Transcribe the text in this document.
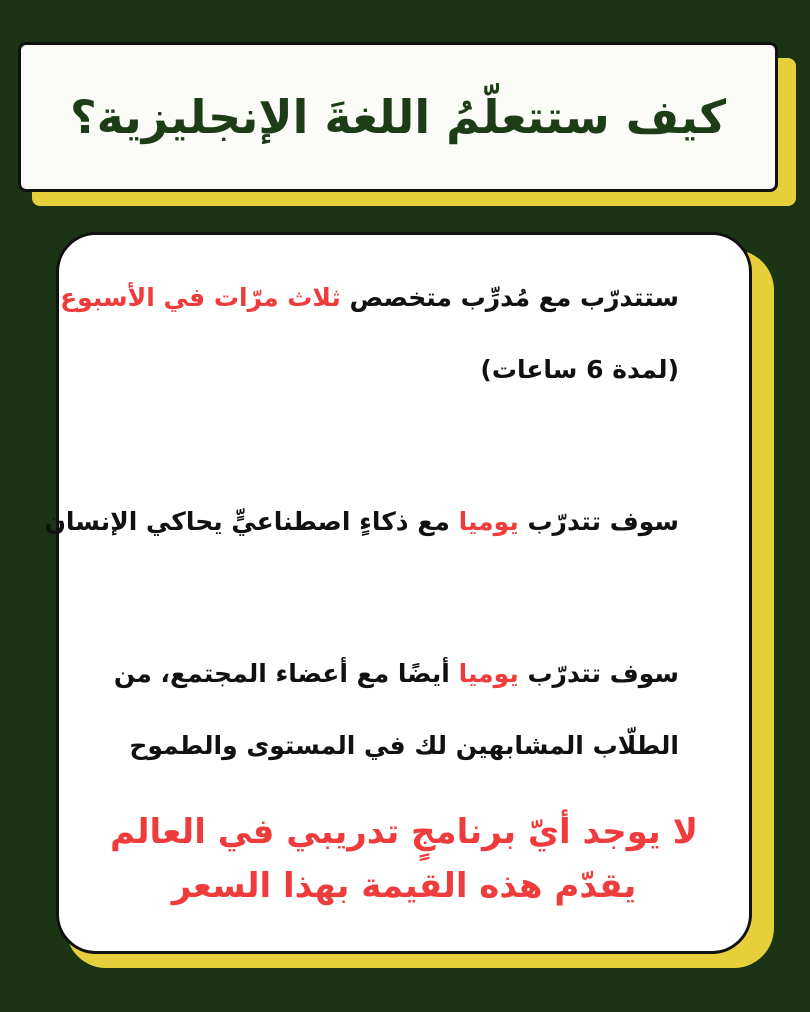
كيف ستتعلّمُ اللغةَ الإنجليزية؟
ستتدرّب مع مُدرِّب متخصص ثلاث مرّات في الأسبوع
(لمدة 6 ساعات)
سوف تتدرّب يوميا مع ذكاءٍ اصطناعيٍّ يحاكي الإنسان
سوف تتدرّب يوميا أيضًا مع أعضاء المجتمع، من
الطلّاب المشابهين لك في المستوى والطموح
لا يوجد أيّ برنامجٍ تدريبي في العالم
يقدّم هذه القيمة بهذا السعر
